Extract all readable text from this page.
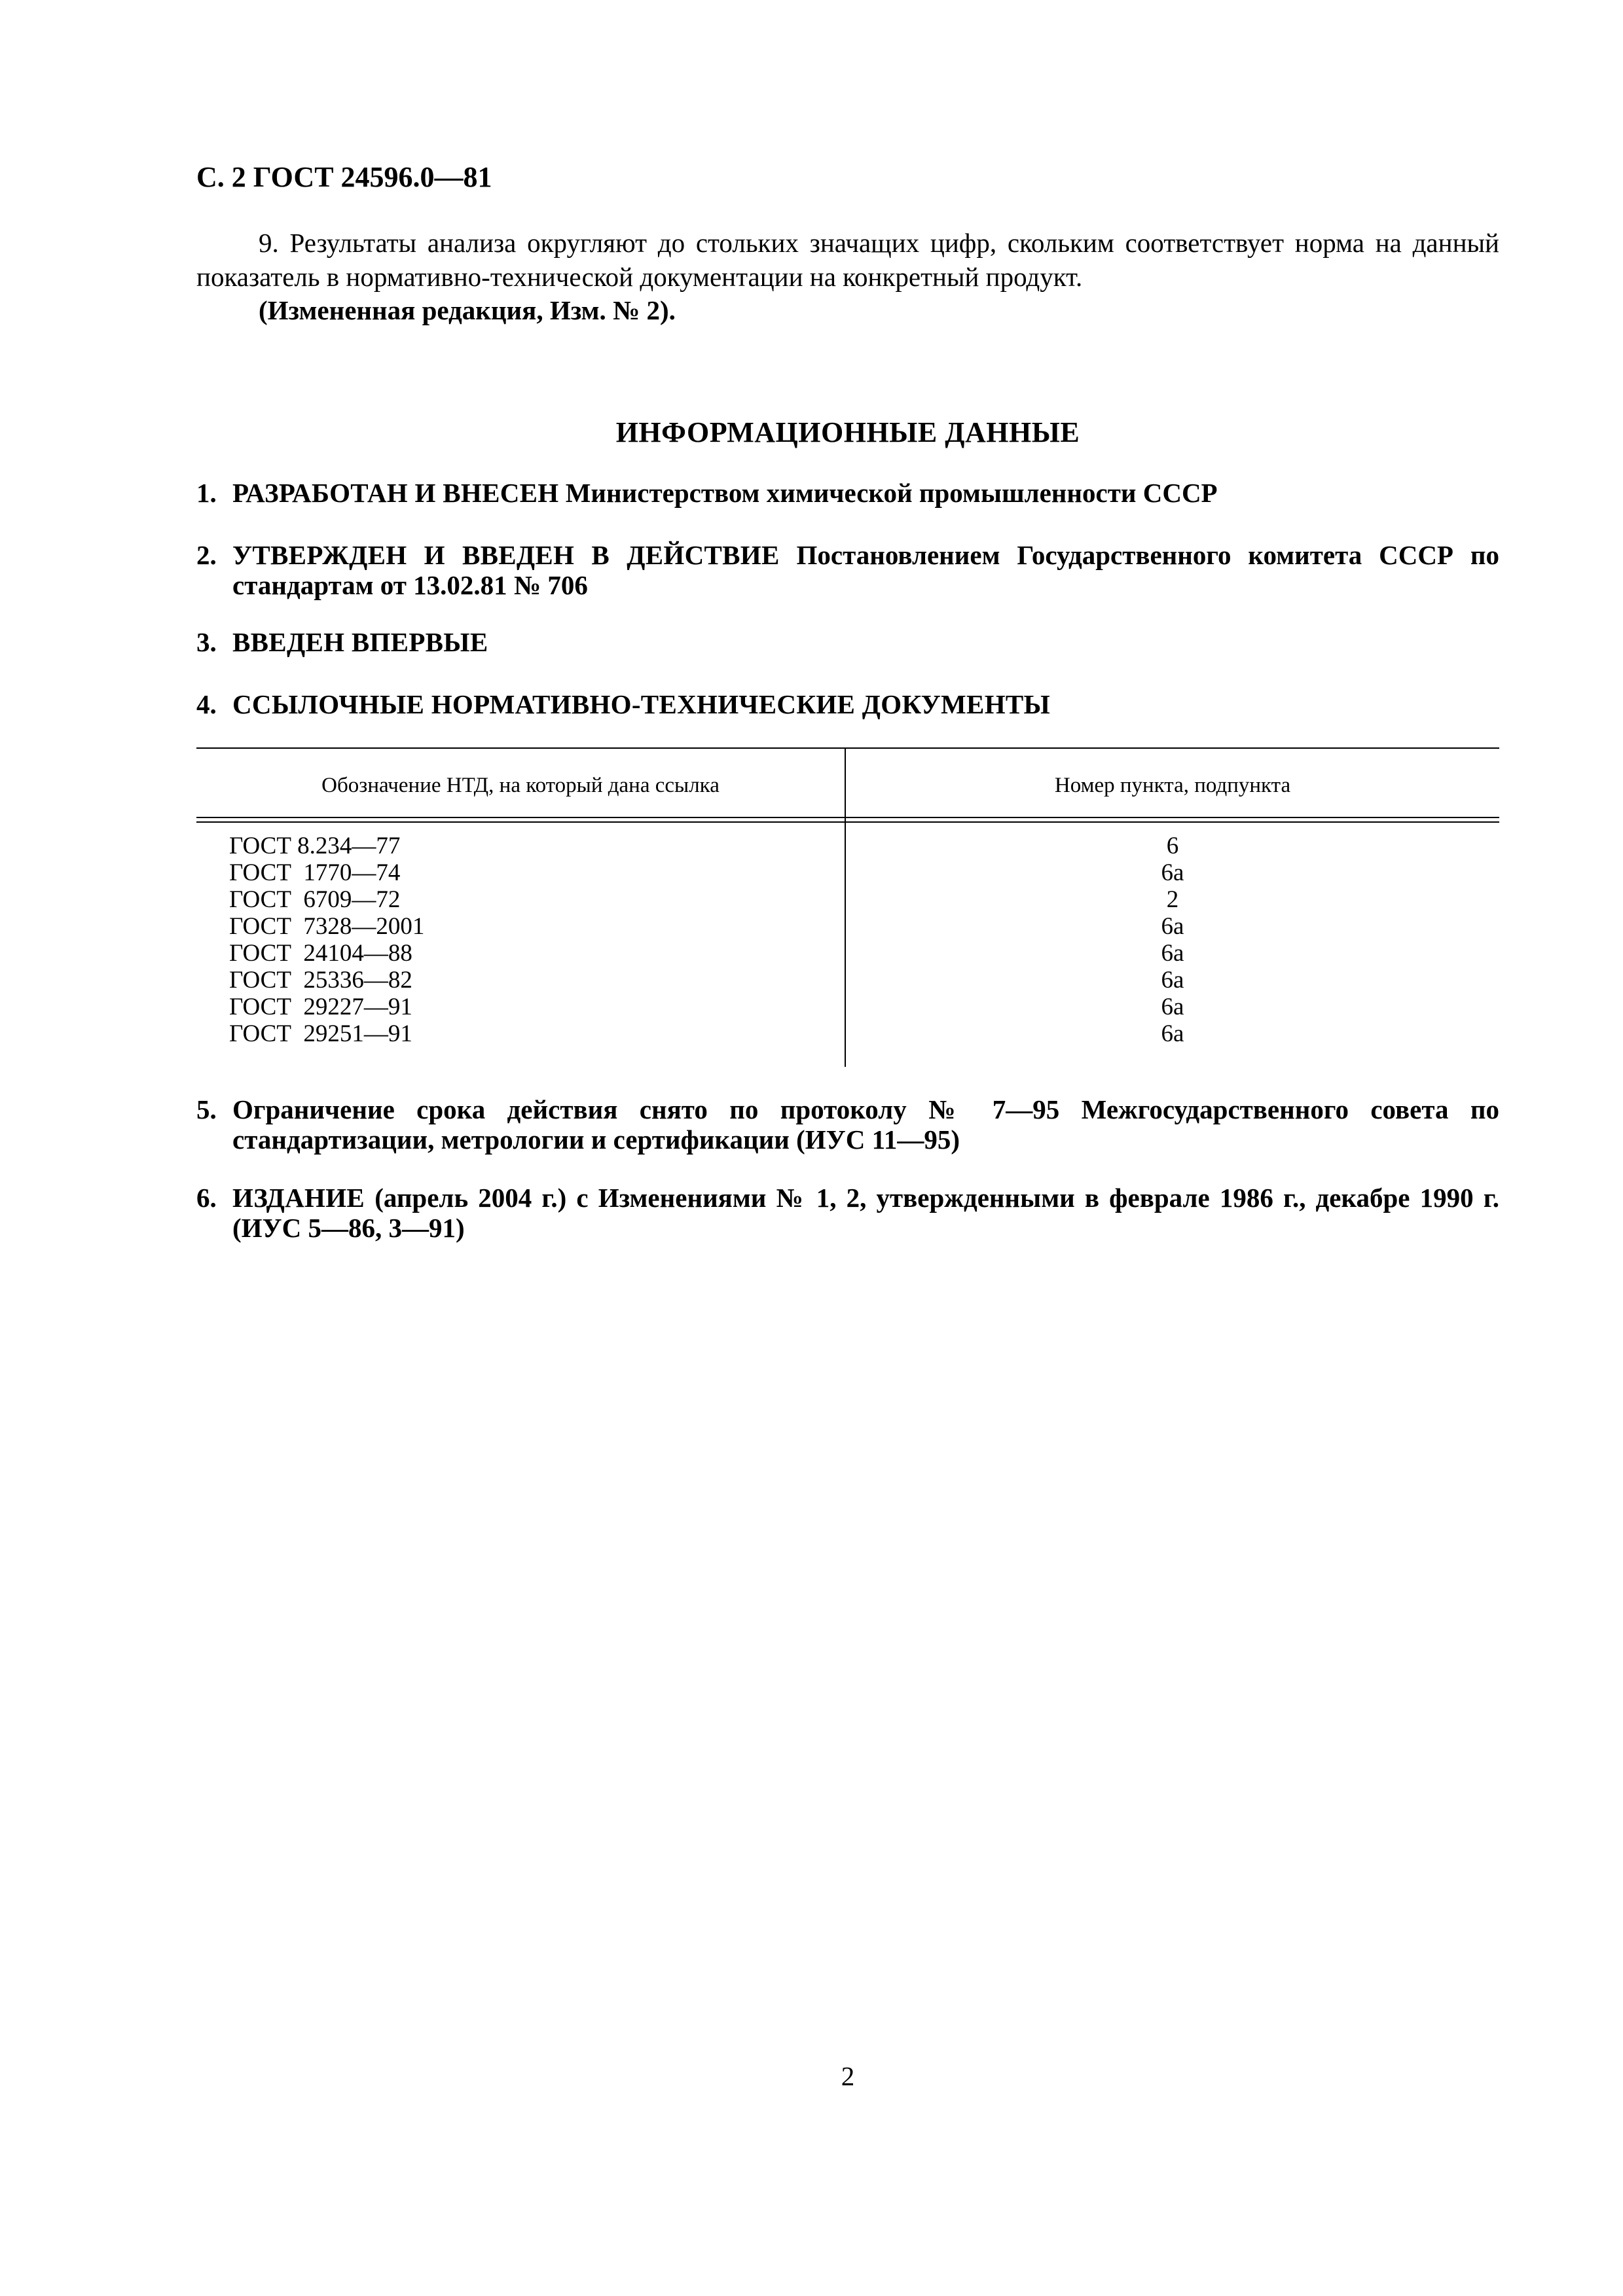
С. 2 ГОСТ 24596.0—81
9. Результаты анализа округляют до стольких значащих цифр, скольким соответствует норма на данный показатель в нормативно-технической документации на конкретный продукт.
(Измененная редакция, Изм. № 2).
ИНФОРМАЦИОННЫЕ ДАННЫЕ
1. РАЗРАБОТАН И ВНЕСЕН Министерством химической промышленности СССР
2. УТВЕРЖДЕН И ВВЕДЕН В ДЕЙСТВИЕ Постановлением Государственного комитета СССР по стандартам от 13.02.81 № 706
3. ВВЕДЕН ВПЕРВЫЕ
4. ССЫЛОЧНЫЕ НОРМАТИВНО-ТЕХНИЧЕСКИЕ ДОКУМЕНТЫ
Обозначение НТД, на который дана ссылка	Номер пункта, подпункта
ГОСТ 8.234—77
ГОСТ  1770—74
ГОСТ  6709—72
ГОСТ  7328—2001
ГОСТ  24104—88
ГОСТ  25336—82
ГОСТ  29227—91
ГОСТ  29251—91
6
6а
2
6а
6а
6а
6а
6а
5. Ограничение срока действия снято по протоколу № 7—95 Межгосударственного совета по стандартизации, метрологии и сертификации (ИУС 11—95)
6. ИЗДАНИЕ (апрель 2004 г.) с Изменениями № 1, 2, утвержденными в феврале 1986 г., декабре 1990 г. (ИУС 5—86, 3—91)
2
